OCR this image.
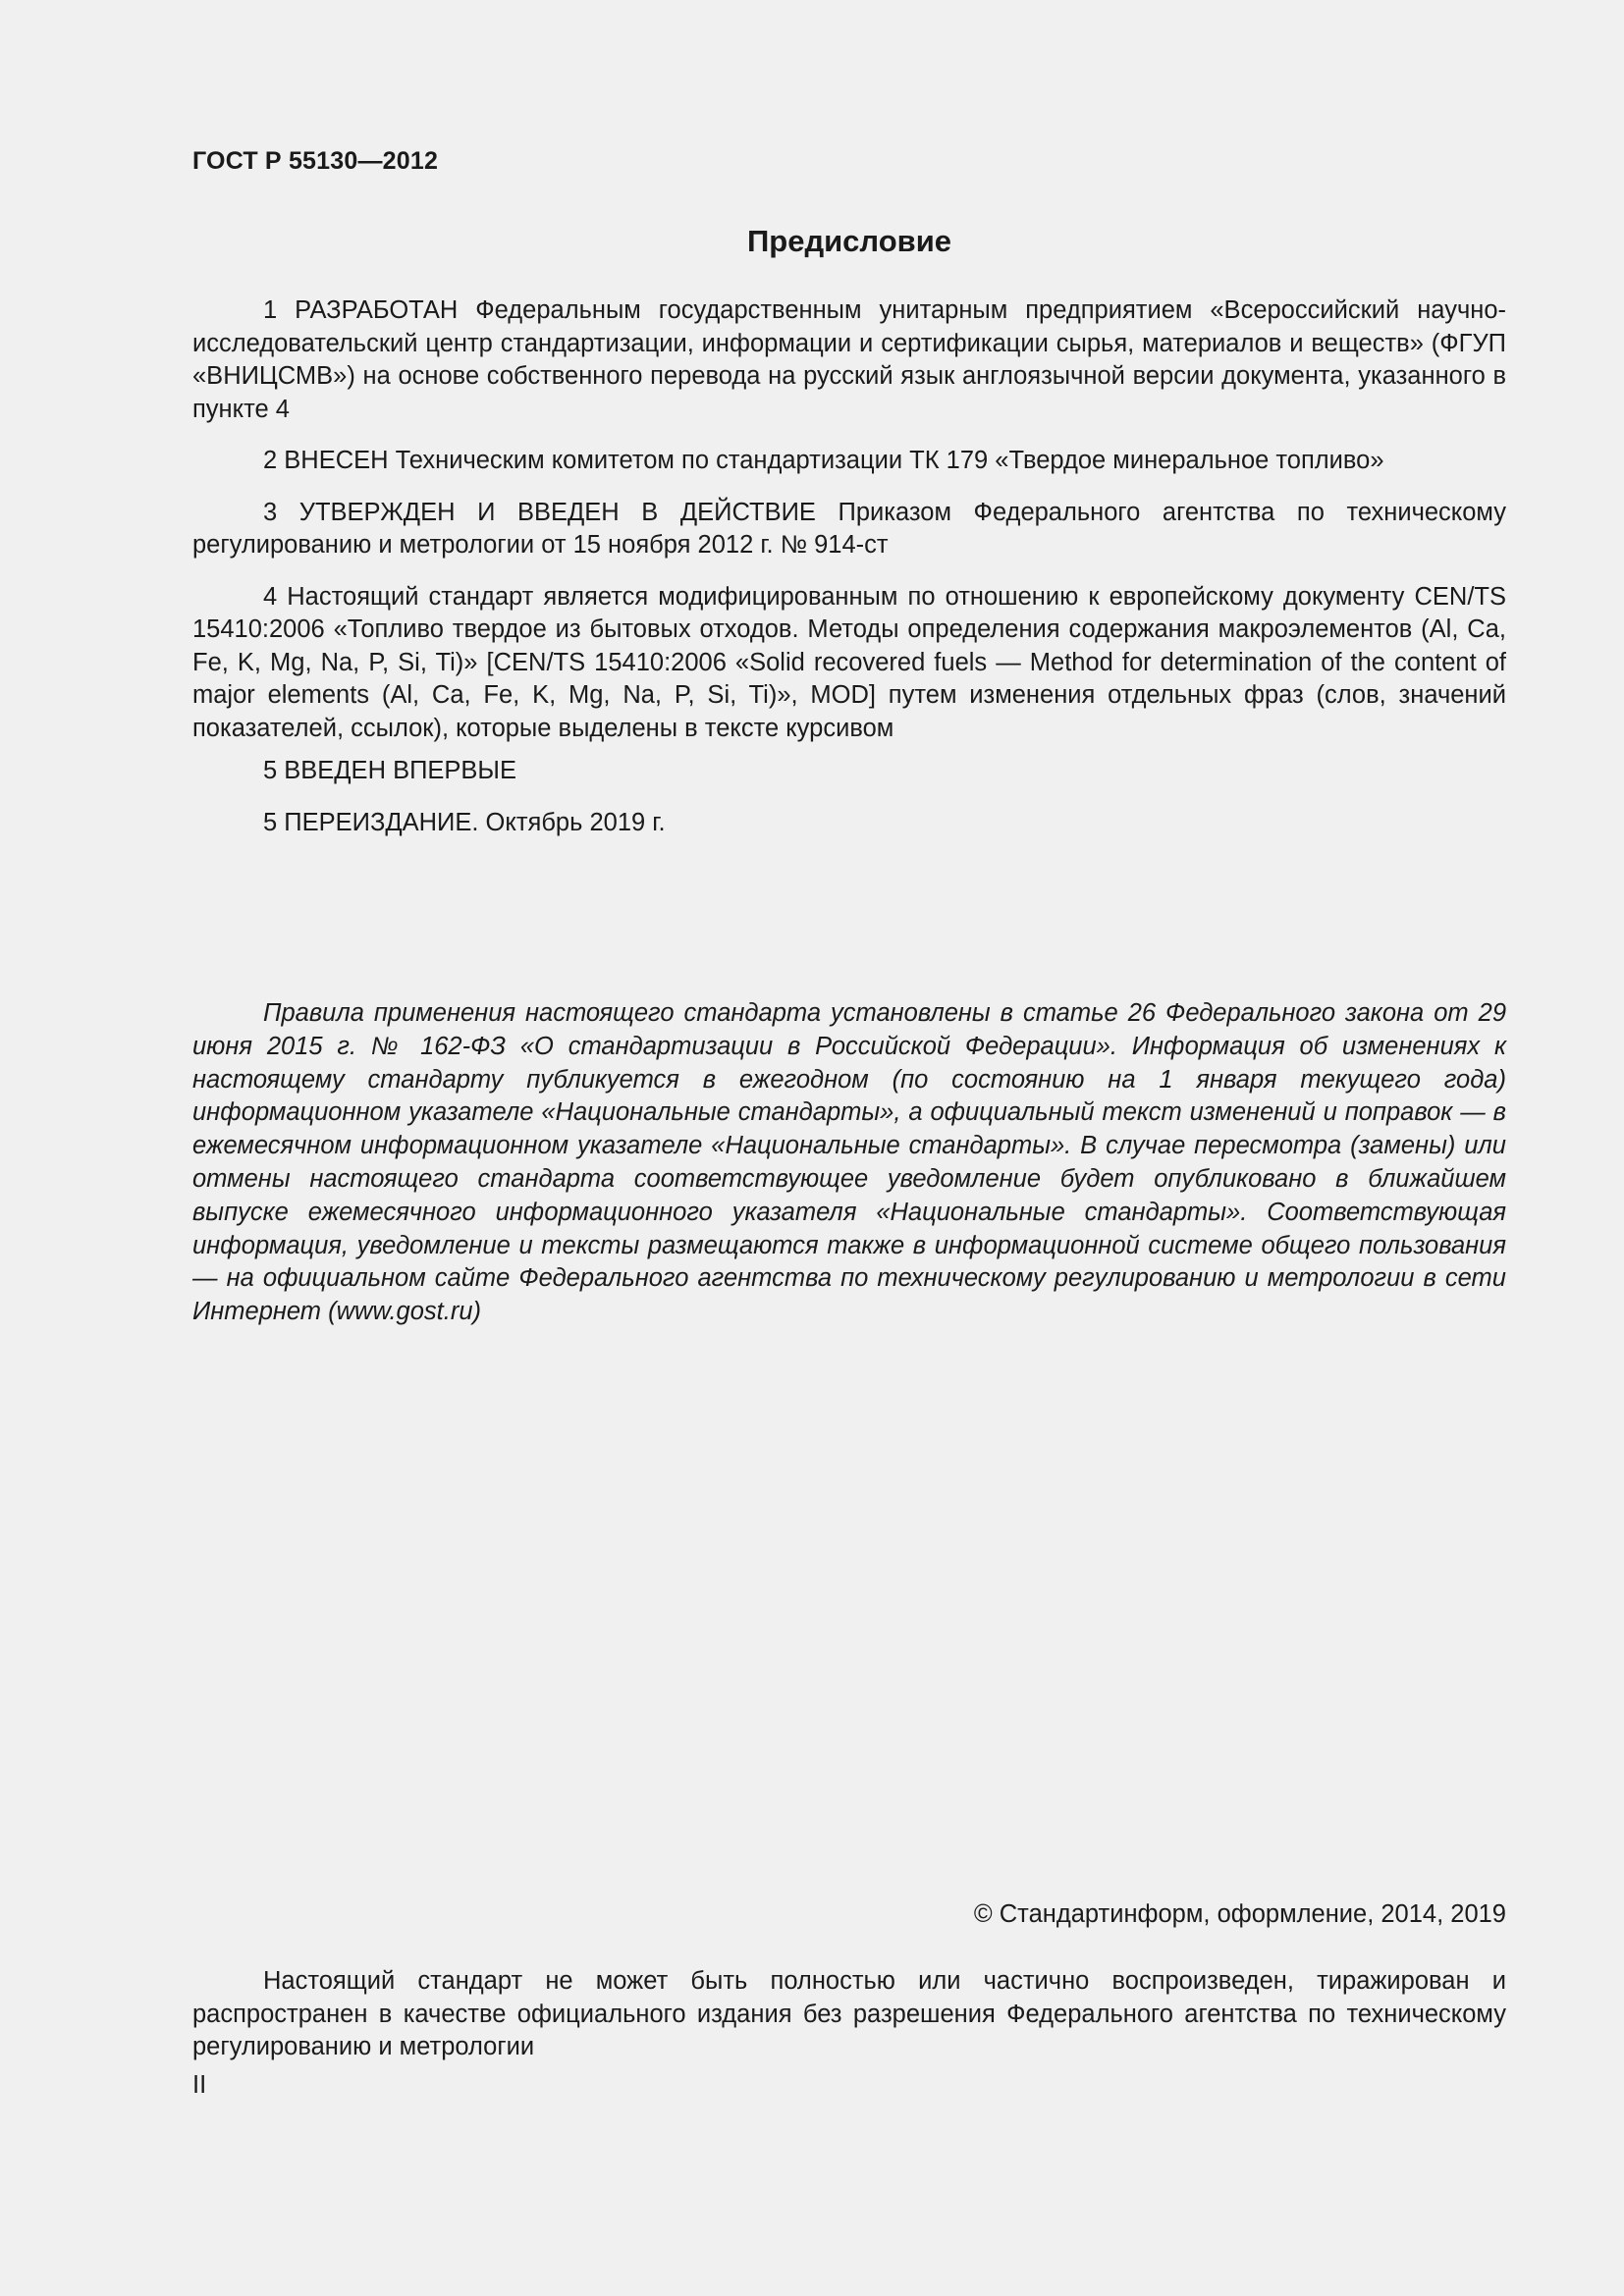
ГОСТ Р 55130—2012
Предисловие

1 РАЗРАБОТАН Федеральным государственным унитарным предприятием «Всероссийский научно-исследовательский центр стандартизации, информации и сертификации сырья, материалов и веществ» (ФГУП «ВНИЦСМВ») на основе собственного перевода на русский язык англоязычной версии документа, указанного в пункте 4

2 ВНЕСЕН Техническим комитетом по стандартизации ТК 179 «Твердое минеральное топливо»

3 УТВЕРЖДЕН И ВВЕДЕН В ДЕЙСТВИЕ Приказом Федерального агентства по техническому регулированию и метрологии от 15 ноября 2012 г. № 914-ст

4 Настоящий стандарт является модифицированным по отношению к европейскому документу CEN/TS 15410:2006 «Топливо твердое из бытовых отходов. Методы определения содержания макроэлементов (Al, Ca, Fe, K, Mg, Na, P, Si, Ti)» [CEN/TS 15410:2006 «Solid recovered fuels — Method for determination of the content of major elements (Al, Ca, Fe, K, Mg, Na, P, Si, Ti)», MOD] путем изменения отдельных фраз (слов, значений показателей, ссылок), которые выделены в тексте курсивом

5 ВВЕДЕН ВПЕРВЫЕ

5 ПЕРЕИЗДАНИЕ. Октябрь 2019 г.

Правила применения настоящего стандарта установлены в статье 26 Федерального закона от 29 июня 2015 г. № 162-ФЗ «О стандартизации в Российской Федерации». Информация об изменениях к настоящему стандарту публикуется в ежегодном (по состоянию на 1 января текущего года) информационном указателе «Национальные стандарты», а официальный текст изменений и поправок — в ежемесячном информационном указателе «Национальные стандарты». В случае пересмотра (замены) или отмены настоящего стандарта соответствующее уведомление будет опубликовано в ближайшем выпуске ежемесячного информационного указателя «Национальные стандарты». Соответствующая информация, уведомление и тексты размещаются также в информационной системе общего пользования — на официальном сайте Федерального агентства по техническому регулированию и метрологии в сети Интернет (www.gost.ru)

© Стандартинформ, оформление, 2014, 2019

Настоящий стандарт не может быть полностью или частично воспроизведен, тиражирован и распространен в качестве официального издания без разрешения Федерального агентства по техническому регулированию и метрологии

II
